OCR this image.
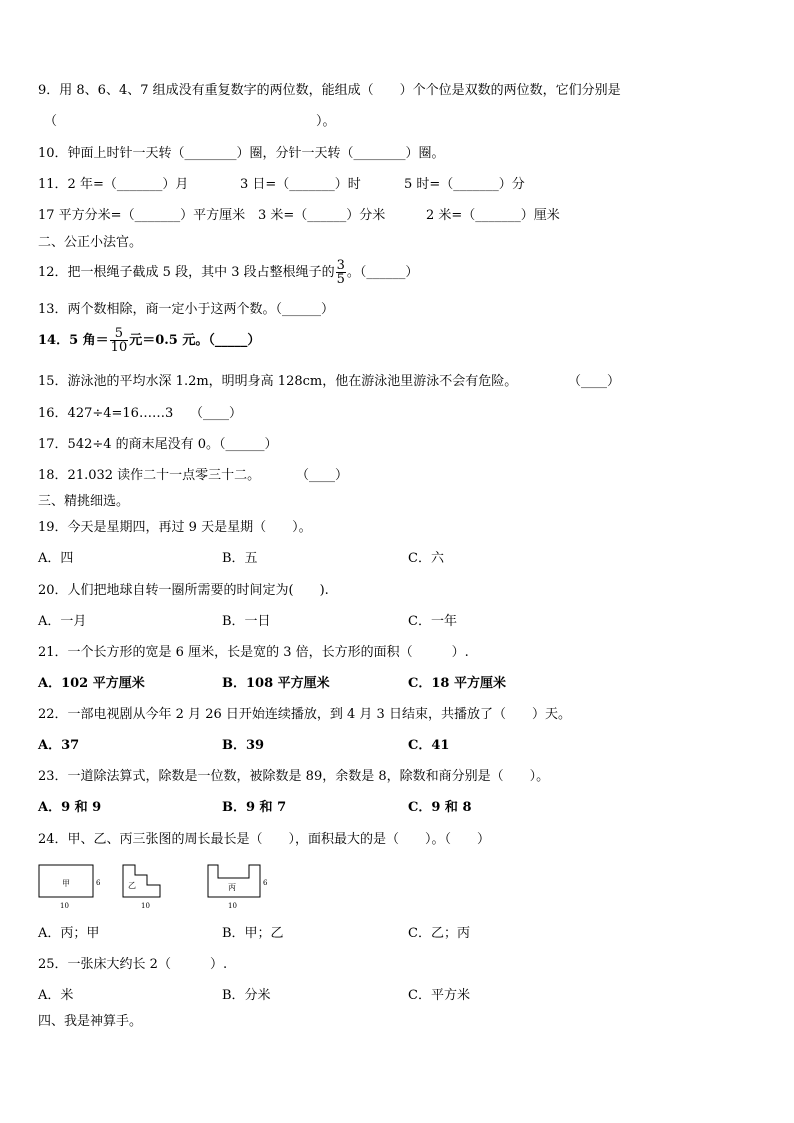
9．用 8、6、4、7 组成没有重复数字的两位数，能组成（　　）个个位是双数的两位数，它们分别是
（	）。
10．钟面上时针一天转（________）圈，分针一天转（________）圈。
11．2 年=（_______）月	3 日=（_______）时	5 时=（_______）分
17 平方分米=（_______）平方厘米 3 米=（______）分米	2 米=（_______）厘米
二、公正小法官。
12．把一根绳子截成 5 段，其中 3 段占整根绳子的 $\frac{3}{5}$ 。（______）
13．两个数相除，商一定小于这两个数。（______）
14．5 角＝ $\frac{5}{10}$ 元＝0.5 元。（_____）
15．游泳池的平均水深 1.2m，明明身高 128cm，他在游泳池里游泳不会有危险。	（____）
16．427÷4=16……3 （____）
17．542÷4 的商末尾没有 0。（______）
18．21.032 读作二十一点零三十二。	（____）
三、精挑细选。
19．今天是星期四，再过 9 天是星期（　　）。
A．四	B．五	C．六
20．人们把地球自转一圈所需要的时间定为(　　).
A．一月	B．一日	C．一年
21．一个长方形的宽是 6 厘米，长是宽的 3 倍，长方形的面积（　　　）.
A．102 平方厘米	B．108 平方厘米	C．18 平方厘米
22．一部电视剧从今年 2 月 26 日开始连续播放，到 4 月 3 日结束，共播放了（　　）天。
A．37	B．39	C．41
23．一道除法算式，除数是一位数，被除数是 89，余数是 8，除数和商分别是（　　）。
A．9 和 9	B．9 和 7	C．9 和 8
24．甲、乙、丙三张图的周长最长是（　　），面积最大的是（　　）。（　　）
甲	6
10
乙
10
丙	6
10
A．丙；甲	B．甲；乙	C．乙；丙
25．一张床大约长 2（　　　）.
A．米	B．分米	C．平方米
四、我是神算手。
